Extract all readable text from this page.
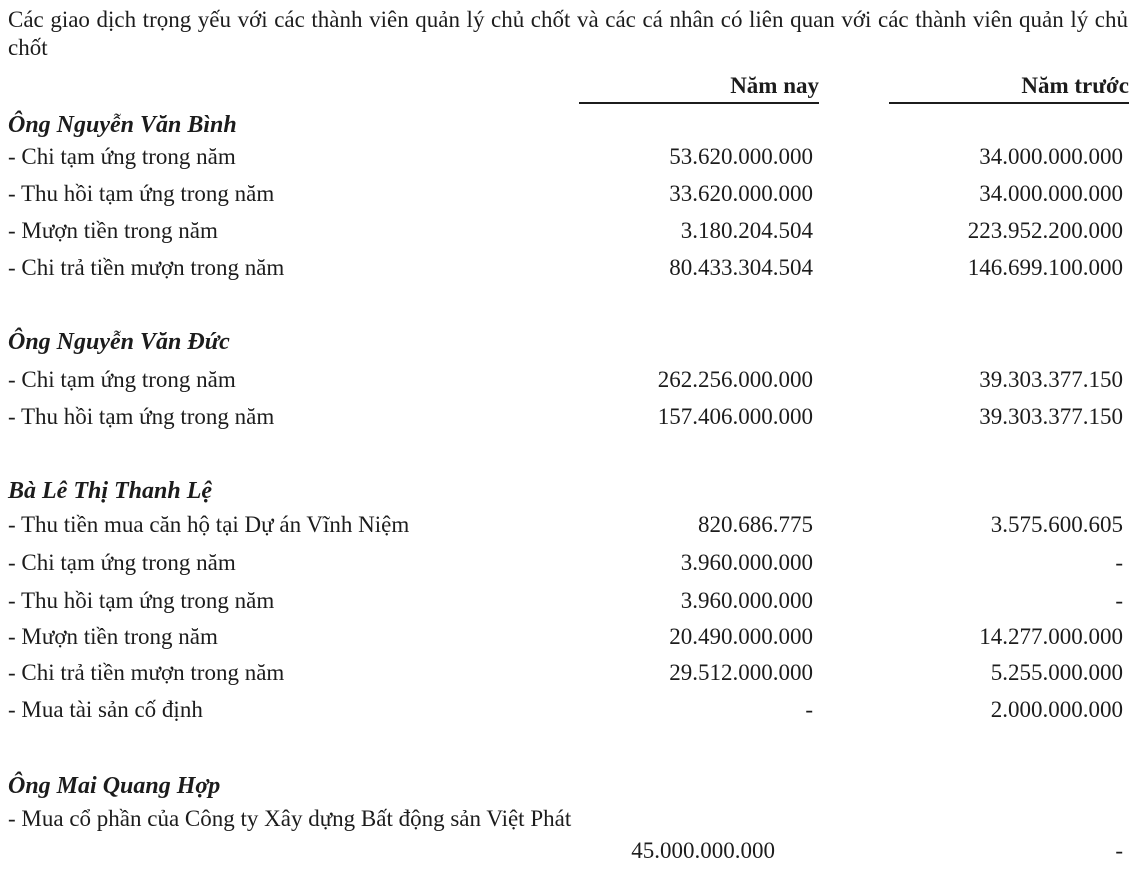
Các giao dịch trọng yếu với các thành viên quản lý chủ chốt và các cá nhân có liên quan với các thành viên quản lý chủ chốt
Năm nay	Năm trước
Ông Nguyễn Văn Bình
- Chi tạm ứng trong năm	53.620.000.000	34.000.000.000
- Thu hồi tạm ứng trong năm	33.620.000.000	34.000.000.000
- Mượn tiền trong năm	3.180.204.504	223.952.200.000
- Chi trả tiền mượn trong năm	80.433.304.504	146.699.100.000
Ông Nguyễn Văn Đức
- Chi tạm ứng trong năm	262.256.000.000	39.303.377.150
- Thu hồi tạm ứng trong năm	157.406.000.000	39.303.377.150
Bà Lê Thị Thanh Lệ
- Thu tiền mua căn hộ tại Dự án Vĩnh Niệm	820.686.775	3.575.600.605
- Chi tạm ứng trong năm	3.960.000.000	-
- Thu hồi tạm ứng trong năm	3.960.000.000	-
- Mượn tiền trong năm	20.490.000.000	14.277.000.000
- Chi trả tiền mượn trong năm	29.512.000.000	5.255.000.000
- Mua tài sản cố định	-	2.000.000.000
Ông Mai Quang Hợp
- Mua cổ phần của Công ty Xây dựng Bất động sản Việt Phát
45.000.000.000	-
